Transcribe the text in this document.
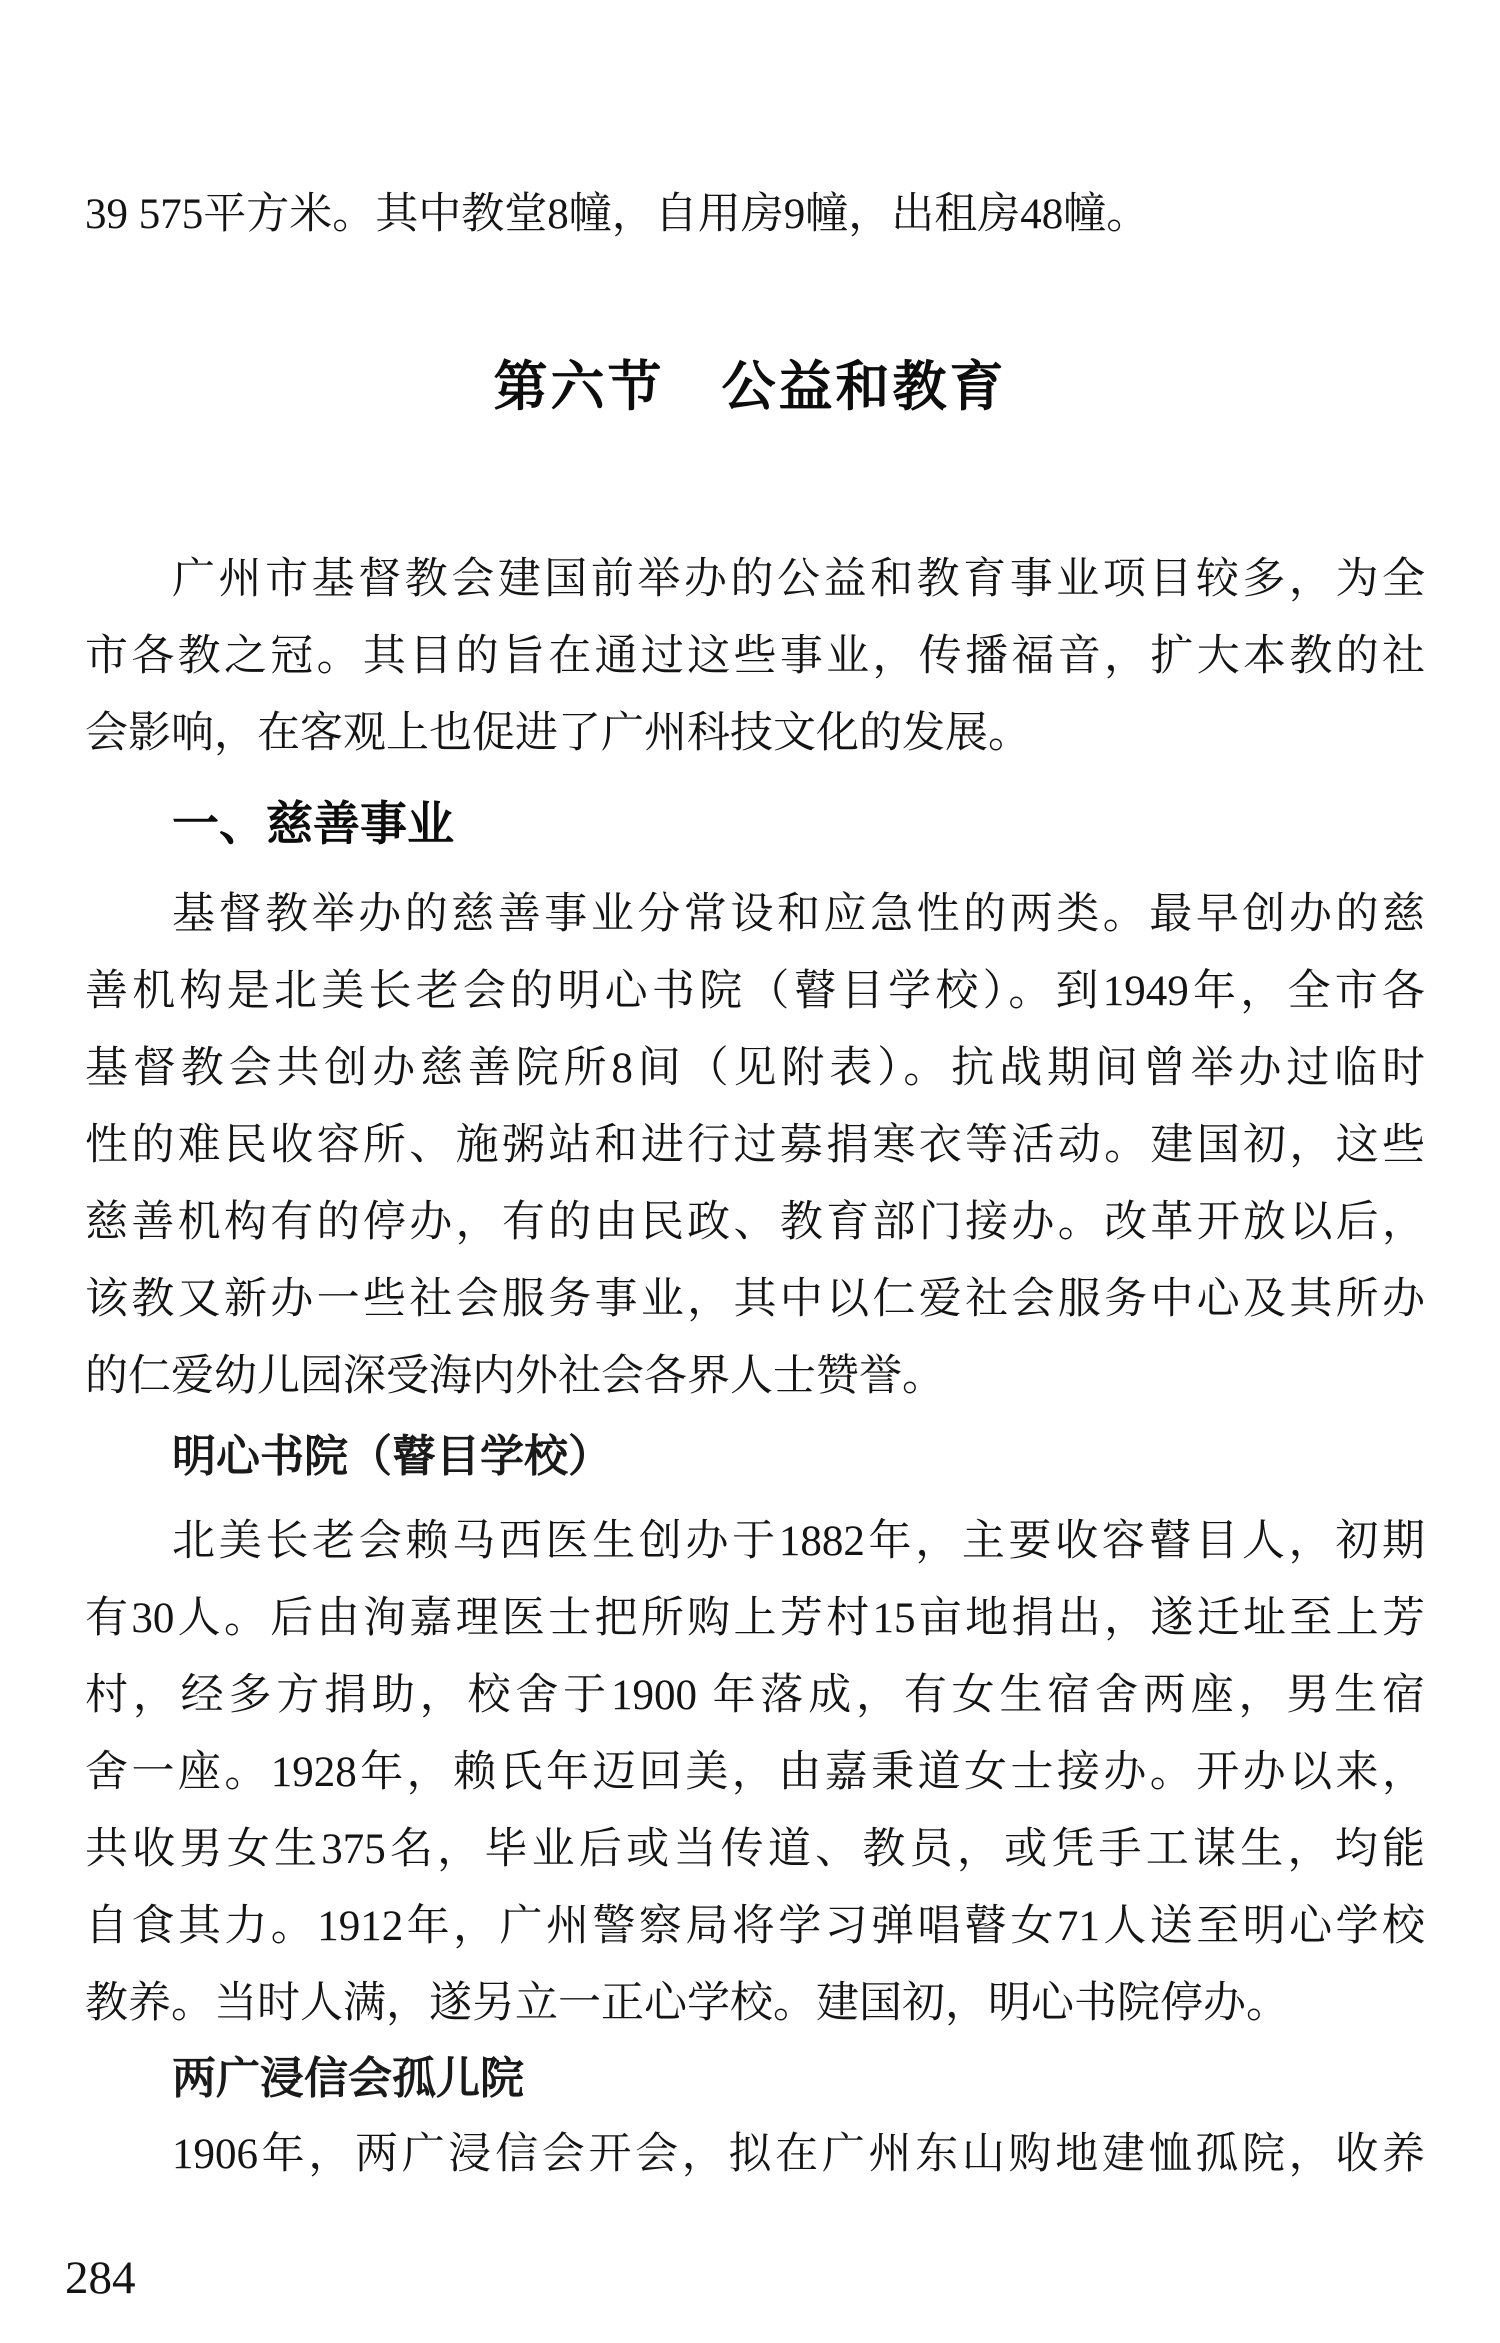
39 575平方米。其中教堂8幢，自用房9幢，出租房48幢。
第六节　公益和教育
广州市基督教会建国前举办的公益和教育事业项目较多，为全
市各教之冠。其目的旨在通过这些事业，传播福音，扩大本教的社
会影响，在客观上也促进了广州科技文化的发展。
一、慈善事业
基督教举办的慈善事业分常设和应急性的两类。最早创办的慈
善机构是北美长老会的明心书院（瞽目学校）。到1949年，全市各
基督教会共创办慈善院所8间（见附表）。抗战期间曾举办过临时
性的难民收容所、施粥站和进行过募捐寒衣等活动。建国初，这些
慈善机构有的停办，有的由民政、教育部门接办。改革开放以后，
该教又新办一些社会服务事业，其中以仁爱社会服务中心及其所办
的仁爱幼儿园深受海内外社会各界人士赞誉。
明心书院（瞽目学校）
北美长老会赖马西医生创办于1882年，主要收容瞽目人，初期
有30人。后由洵嘉理医士把所购上芳村15亩地捐出，遂迁址至上芳
村，经多方捐助，校舍于1900 年落成，有女生宿舍两座，男生宿
舍一座。1928年，赖氏年迈回美，由嘉秉道女士接办。开办以来，
共收男女生375名，毕业后或当传道、教员，或凭手工谋生，均能
自食其力。1912年，广州警察局将学习弹唱瞽女71人送至明心学校
教养。当时人满，遂另立一正心学校。建国初，明心书院停办。
两广浸信会孤儿院
1906年，两广浸信会开会，拟在广州东山购地建恤孤院，收养
284
